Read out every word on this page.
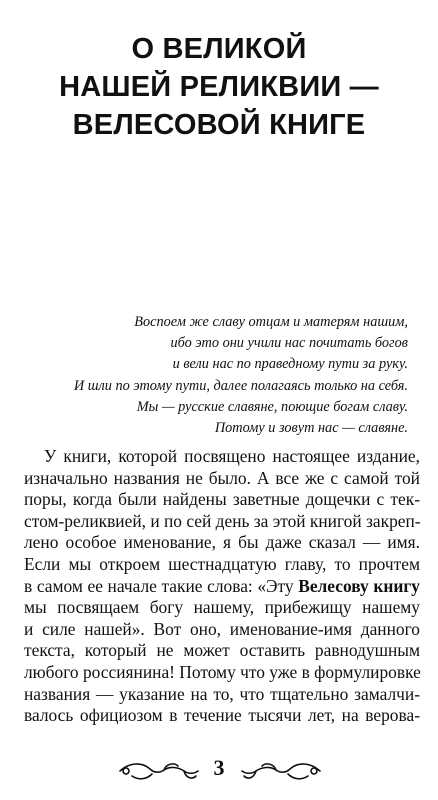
О ВЕЛИКОЙ
НАШЕЙ РЕЛИКВИИ —
ВЕЛЕСОВОЙ КНИГЕ
Воспоем же славу отцам и матерям нашим,
ибо это они учили нас почитать богов
и вели нас по праведному пути за руку.
И шли по этому пути, далее полагаясь только на себя.
Мы — русские славяне, поющие богам славу.
Потому и зовут нас — славяне.
У книги, которой посвящено настоящее издание,
изначально названия не было. А все же с самой той
поры, когда были найдены заветные дощечки с тек-
стом-реликвией, и по сей день за этой книгой закреп-
лено особое именование, я бы даже сказал — имя.
Если мы откроем шестнадцатую главу, то прочтем
в самом ее начале такие слова: «Эту Велесову книгу
мы посвящаем богу нашему, прибежищу нашему
и силе нашей». Вот оно, именование-имя данного
текста, который не может оставить равнодушным
любого россиянина! Потому что уже в формулировке
названия — указание на то, что тщательно замалчи-
валось официозом в течение тысячи лет, на верова-
3
